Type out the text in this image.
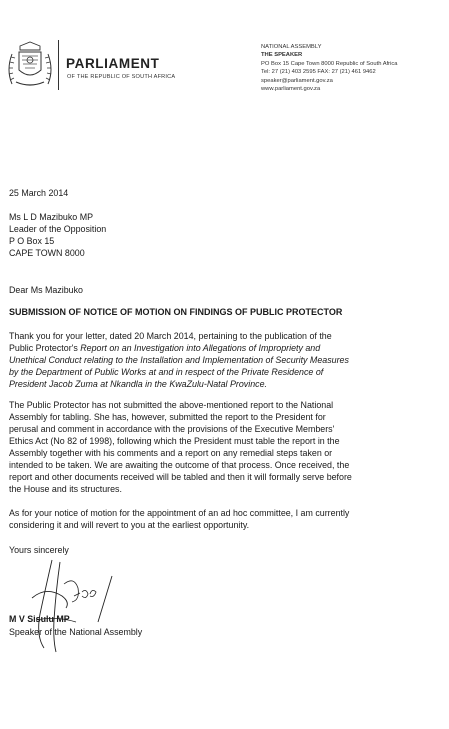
PARLIAMENT
OF THE REPUBLIC OF SOUTH AFRICA
NATIONAL ASSEMBLY
THE SPEAKER
PO Box 15 Cape Town 8000 Republic of South Africa
Tel: 27 (21) 403 2595 FAX: 27 (21) 461 9462
speaker@parliament.gov.za
www.parliament.gov.za
25 March 2014
Ms L D Mazibuko MP
Leader of the Opposition
P O Box 15
CAPE TOWN 8000
Dear Ms Mazibuko
SUBMISSION OF NOTICE OF MOTION ON FINDINGS OF PUBLIC PROTECTOR
Thank you for your letter, dated 20 March 2014, pertaining to the publication of the
Public Protector's Report on an Investigation into Allegations of Impropriety and
Unethical Conduct relating to the Installation and Implementation of Security Measures
by the Department of Public Works at and in respect of the Private Residence of
President Jacob Zuma at Nkandla in the KwaZulu-Natal Province.
The Public Protector has not submitted the above-mentioned report to the National
Assembly for tabling. She has, however, submitted the report to the President for
perusal and comment in accordance with the provisions of the Executive Members'
Ethics Act (No 82 of 1998), following which the President must table the report in the
Assembly together with his comments and a report on any remedial steps taken or
intended to be taken. We are awaiting the outcome of that process. Once received, the
report and other documents received will be tabled and then it will formally serve before
the House and its structures.
As for your notice of motion for the appointment of an ad hoc committee, I am currently
considering it and will revert to you at the earliest opportunity.
Yours sincerely
M V Sisulu MP
Speaker of the National Assembly
